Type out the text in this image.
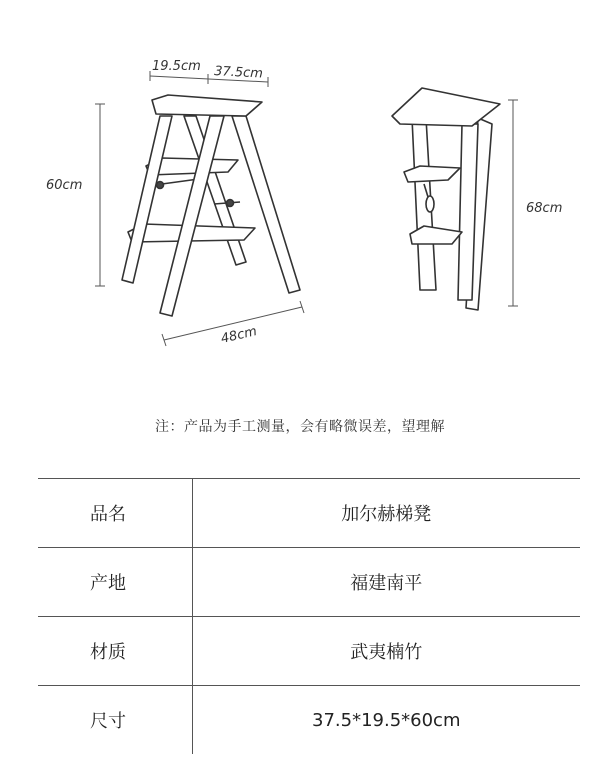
19.5cm 37.5cm
60cm
48cm
68cm
注：产品为手工测量，会有略微误差，望理解
品名	加尔赫梯凳
产地	福建南平
材质	武夷楠竹
尺寸	37.5*19.5*60cm
